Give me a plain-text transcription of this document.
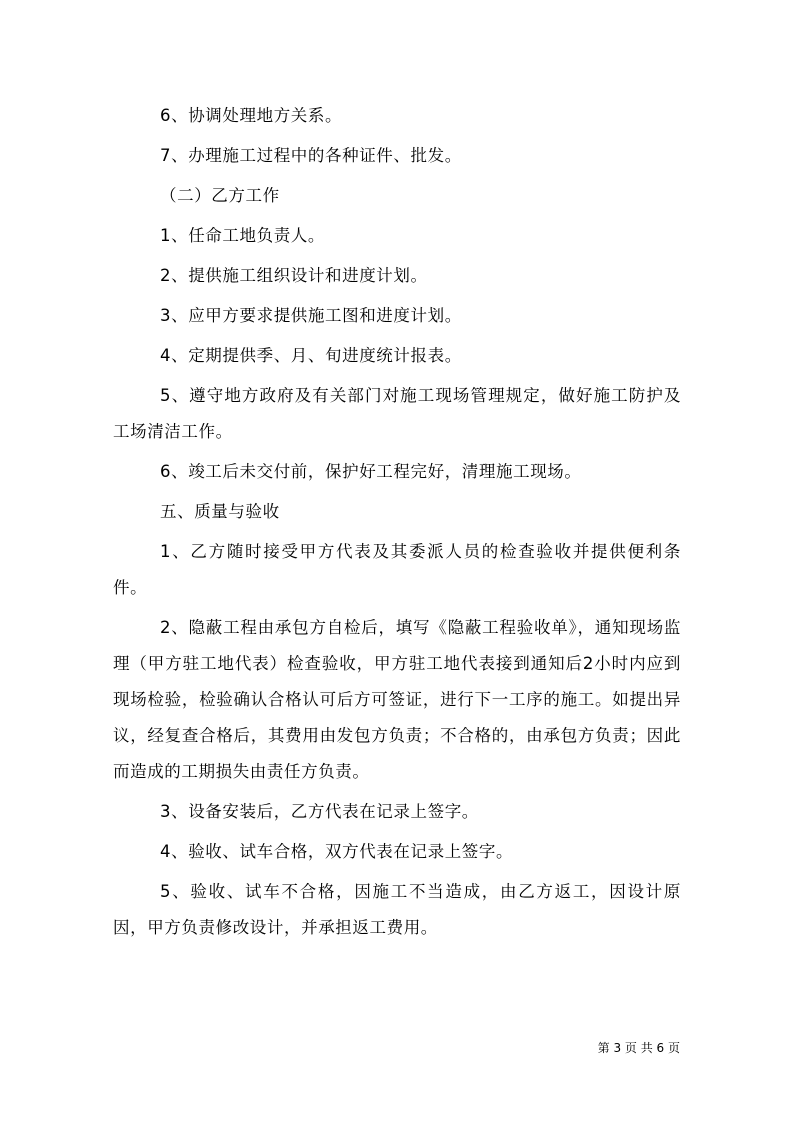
6、协调处理地方关系。

7、办理施工过程中的各种证件、批发。

（二）乙方工作

1、任命工地负责人。

2、提供施工组织设计和进度计划。

3、应甲方要求提供施工图和进度计划。

4、定期提供季、月、旬进度统计报表。

5、遵守地方政府及有关部门对施工现场管理规定，做好施工防护及工场清洁工作。

6、竣工后未交付前，保护好工程完好，清理施工现场。

五、质量与验收

1、乙方随时接受甲方代表及其委派人员的检查验收并提供便利条件。

2、隐蔽工程由承包方自检后，填写《隐蔽工程验收单》，通知现场监理（甲方驻工地代表）检查验收，甲方驻工地代表接到通知后2小时内应到现场检验，检验确认合格认可后方可签证，进行下一工序的施工。如提出异议，经复查合格后，其费用由发包方负责；不合格的，由承包方负责；因此而造成的工期损失由责任方负责。

3、设备安装后，乙方代表在记录上签字。

4、验收、试车合格，双方代表在记录上签字。

5、验收、试车不合格，因施工不当造成，由乙方返工，因设计原因，甲方负责修改设计，并承担返工费用。

第 3 页 共 6 页
